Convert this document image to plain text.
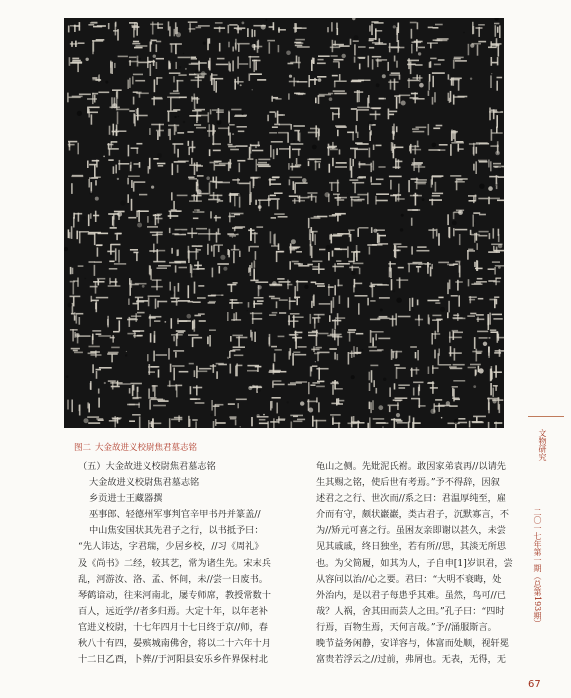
图二 大金故进义校尉焦君墓志铭

（五）大金故进义校尉焦君墓志铭

大金故进义校尉焦君墓志铭

乡贡进士王藏器撰

巫事郎、轻德州军事判官辛甲书丹并篆盖//

中山焦安国状其先君子之行，以书抵予曰：

“先人讳达，字君瑞，少居乡校，//习《周礼》

及《尚书》二经，较其艺，常为诸生先。宋末兵

乱，河游汝、洛、孟、怀间，未//尝一日废书。

琴鹤谙动，往来河南北，屡专师席，教授常数十

百人，远近学//者多归焉。大定十年，以年老补

官进义校尉，十七年四月十七日终于京//师，春

秋八十有四，晏殡城南佛舍，将以二十六年十月

十二日乙酉，卜葬//于河阳县安乐乡仵界保村北

龟山之侧。先妣泥氏祔。敢因家弟袁再//以请先

生其赐之铭，使后世有考焉。”予不得辞，因叙

述君之之行、世次而//系之曰：君温厚纯至，雇

介而有守，颇状巖巖，类古君子，沉默寡言，不

为//矫元可喜之行。虽困友亲即谢以甚久，未尝

见其戚戚，终日独坐，若有所//思，其淡无所思

也。为父简履，如其为人，子自申[1]岁识君，尝

从容问以治//心之要。君曰：“大明不衰晦，处

外治内，是以君子每患乎其难。虽然，鸟可//已

哉？人祸，舍其田而芸人之田。”孔子曰：“四时

行焉，百物生焉，天何言哉。”予//涌服斯言。

晚节益务闲静，安详容与，体富而处顺，视轩冕

富贵若浮云之//过前，弗屑也。无表，无得，无

文物研究
二〇一七年第一期（总第193期）
67
